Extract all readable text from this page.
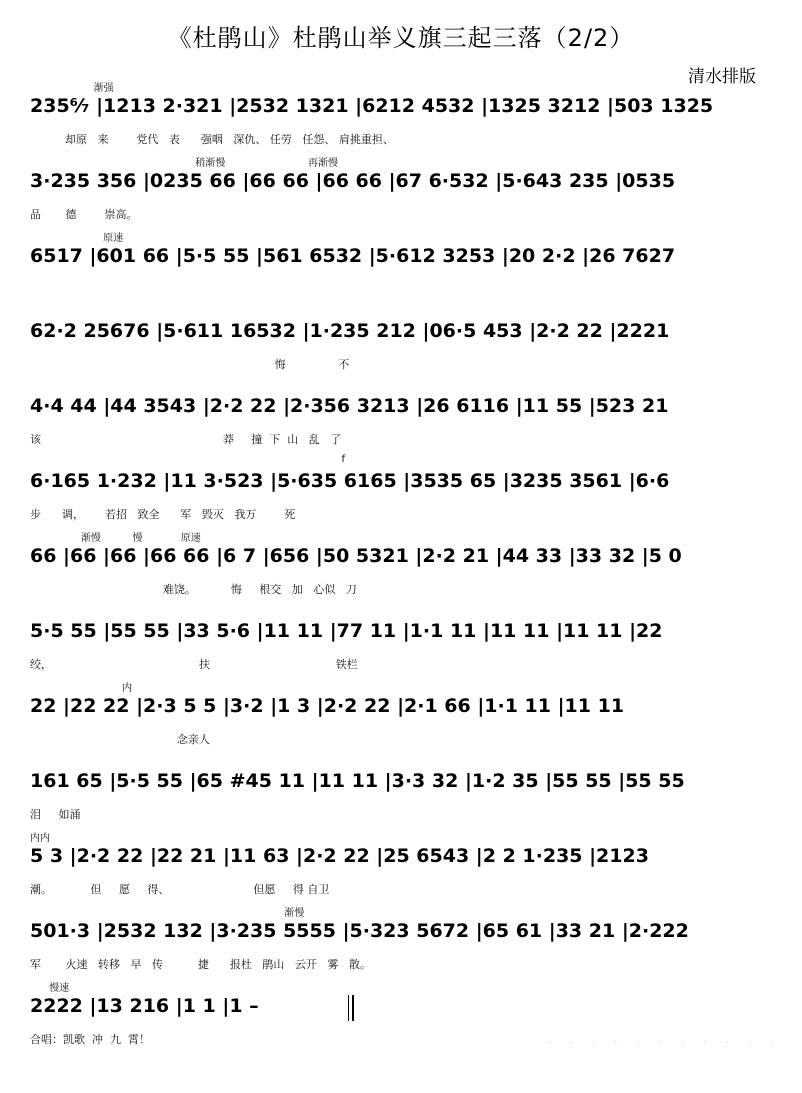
《杜鹃山》杜鹃山举义旗三起三落（2/2）
清水排版
渐强
235⁶⁄₇ |1213 2·321 |2532 1321 |6212 4532 |1325 3212 |503 1325
却原   来        党代   表      强咽   深仇、 任劳   任怨、 肩挑重担、
稍渐慢                          再渐慢
3·235 356 |0235 66 |66 66 |66 66 |67 6·532 |5·643 235 |0535
品       德        崇高。
原速
6517 |601 66 |5·5 55 |561 6532 |5·612 3253 |20 2·2 |26 7627
62·2 25676 |5·611 16532 |1·235 212 |06·5 453 |2·2 22 |2221
悔               不
4·4 44 |44 3543 |2·2 22 |2·356 3213 |26 6116 |11 55 |523 21
该                                                    莽     撞  下  山   乱   了
f
6·165 1·232 |11 3·523 |5·635 6165 |3535 65 |3235 3561 |6·6
步      调，      若招   致全      军   毁灭   我万        死
渐慢          慢            原速
66 |66 |66 |66 66 |6 7 |656 |50 5321 |2·2 21 |44 33 |33 32 |5 0
难饶。          悔     根交   加   心似   刀
5·5 55 |55 55 |33 5·6 |11 11 |77 11 |1·1 11 |11 11 |11 11 |22
绞，                                          扶                                    铁栏
内
22 |22 22 |2·3 5 5 |3·2 |1 3 |2·2 22 |2·1 66 |1·1 11 |11 11
念亲人
161 65 |5·5 55 |65 #45 11 |11 11 |3·3 32 |1·2 35 |55 55 |55 55
泪     如涌
内内
5 3 |2·2 22 |22 21 |11 63 |2·2 22 |25 6543 |2 2 1·235 |2123
潮。           但     愿     得、                        但愿     得 自卫
渐慢
501·3 |2532 132 |3·235 5555 |5·323 5672 |65 61 |33 21 |2·222
军       火速   转移   早   传          捷      报杜   鹃山   云开   雾   散。
慢速
2222 |13 216 |1 1 |1 –
合唱：凯歌  冲  九  霄！	· · · · · · · · · · ·
